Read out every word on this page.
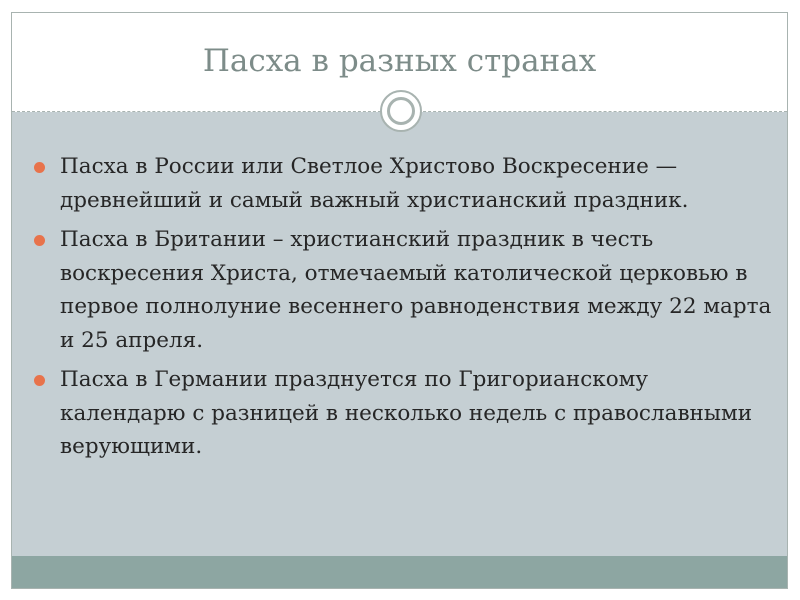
Пасха в разных странах
Пасха в России или Светлое Христово Воскресение — древнейший и самый важный христианский праздник.
Пасха в Британии – христианский праздник в честь воскресения Христа, отмечаемый католической церковью в первое полнолуние весеннего равноденствия между 22 марта и 25 апреля.
Пасха в Германии празднуется по Григорианскому календарю с разницей в несколько недель с православными верующими.
